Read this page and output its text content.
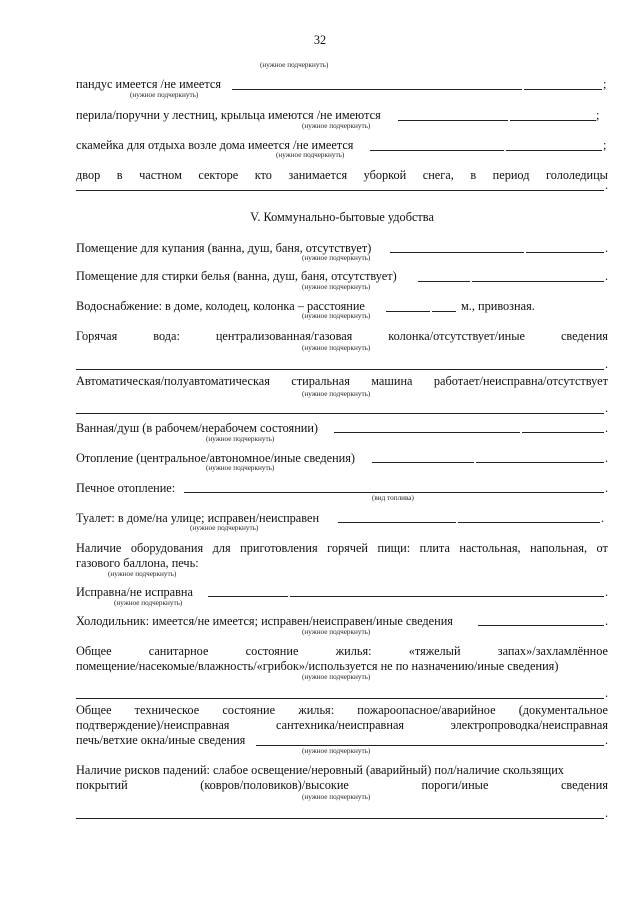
32
(нужное подчеркнуть)
пандус имеется /не имеется	;
(нужное подчеркнуть)
перила/поручни у лестниц, крыльца имеются /не имеются	;
(нужное подчеркнуть)
скамейка для отдыха возле дома имеется /не имеется	;
(нужное подчеркнуть)
двор в частном секторе кто занимается уборкой снега, в период гололедицы
.
V. Коммунально-бытовые удобства
Помещение для купания (ванна, душ, баня, отсутствует)	.
(нужное подчеркнуть)
Помещение для стирки белья (ванна, душ, баня, отсутствует)	.
(нужное подчеркнуть)
Водоснабжение: в доме, колодец, колонка – расстояние	м., привозная.
(нужное подчеркнуть)
Горячая	вода:	централизованная/газовая	колонка/отсутствует/иные	сведения
(нужное подчеркнуть)
.
Автоматическая/полуавтоматическая стиральная машина работает/неисправна/отсутствует
(нужное подчеркнуть)
.
Ванная/душ (в рабочем/нерабочем состоянии)	.
(нужное подчеркнуть)
Отопление (центральное/автономное/иные сведения)	.
(нужное подчеркнуть)
Печное отопление:	.
(вид топлива)
Туалет: в доме/на улице; исправен/неисправен	.
(нужное подчеркнуть)
Наличие оборудования для приготовления горячей пищи: плита настольная, напольная, от
газового баллона, печь:
(нужное подчеркнуть)
Исправна/не исправна	.
(нужное подчеркнуть)
Холодильник: имеется/не имеется; исправен/неисправен/иные сведения	.
(нужное подчеркнуть)
Общее	санитарное	состояние	жилья:	«тяжелый	запах»/захламлённое
помещение/насекомые/влажность/«грибок»/используется не по назначению/иные сведения)
(нужное подчеркнуть)
.
Общее техническое состояние жилья: пожароопасное/аварийное (документальное
подтверждение)/неисправная	сантехника/неисправная	электропроводка/неисправная
печь/ветхие окна/иные сведения	.
(нужное подчеркнуть)
Наличие рисков падений: слабое освещение/неровный (аварийный) пол/наличие скользящих
покрытий	(ковров/половиков)/высокие	пороги/иные	сведения
(нужное подчеркнуть)
.
